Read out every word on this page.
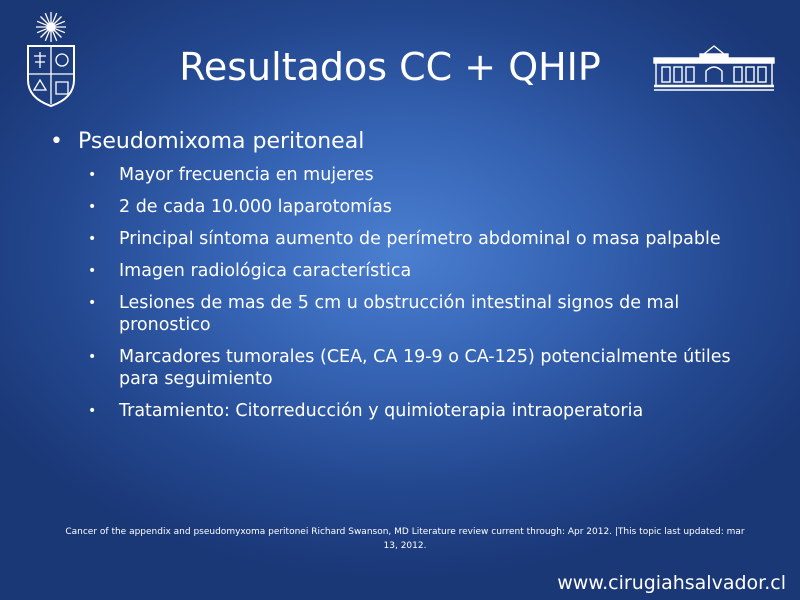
Resultados CC + QHIP
• Pseudomixoma peritoneal
• Mayor frecuencia en mujeres
• 2 de cada 10.000 laparotomías
• Principal síntoma aumento de perímetro abdominal o masa palpable
• Imagen radiológica característica
• Lesiones de mas de 5 cm u obstrucción intestinal signos de mal pronostico
• Marcadores tumorales (CEA, CA 19-9 o CA-125) potencialmente útiles para seguimiento
• Tratamiento: Citorreducción y quimioterapia intraoperatoria
Cancer of the appendix and pseudomyxoma peritonei Richard Swanson, MD Literature review current through: Apr 2012. |This topic last updated: mar 13, 2012.
www.cirugiahsalvador.cl
